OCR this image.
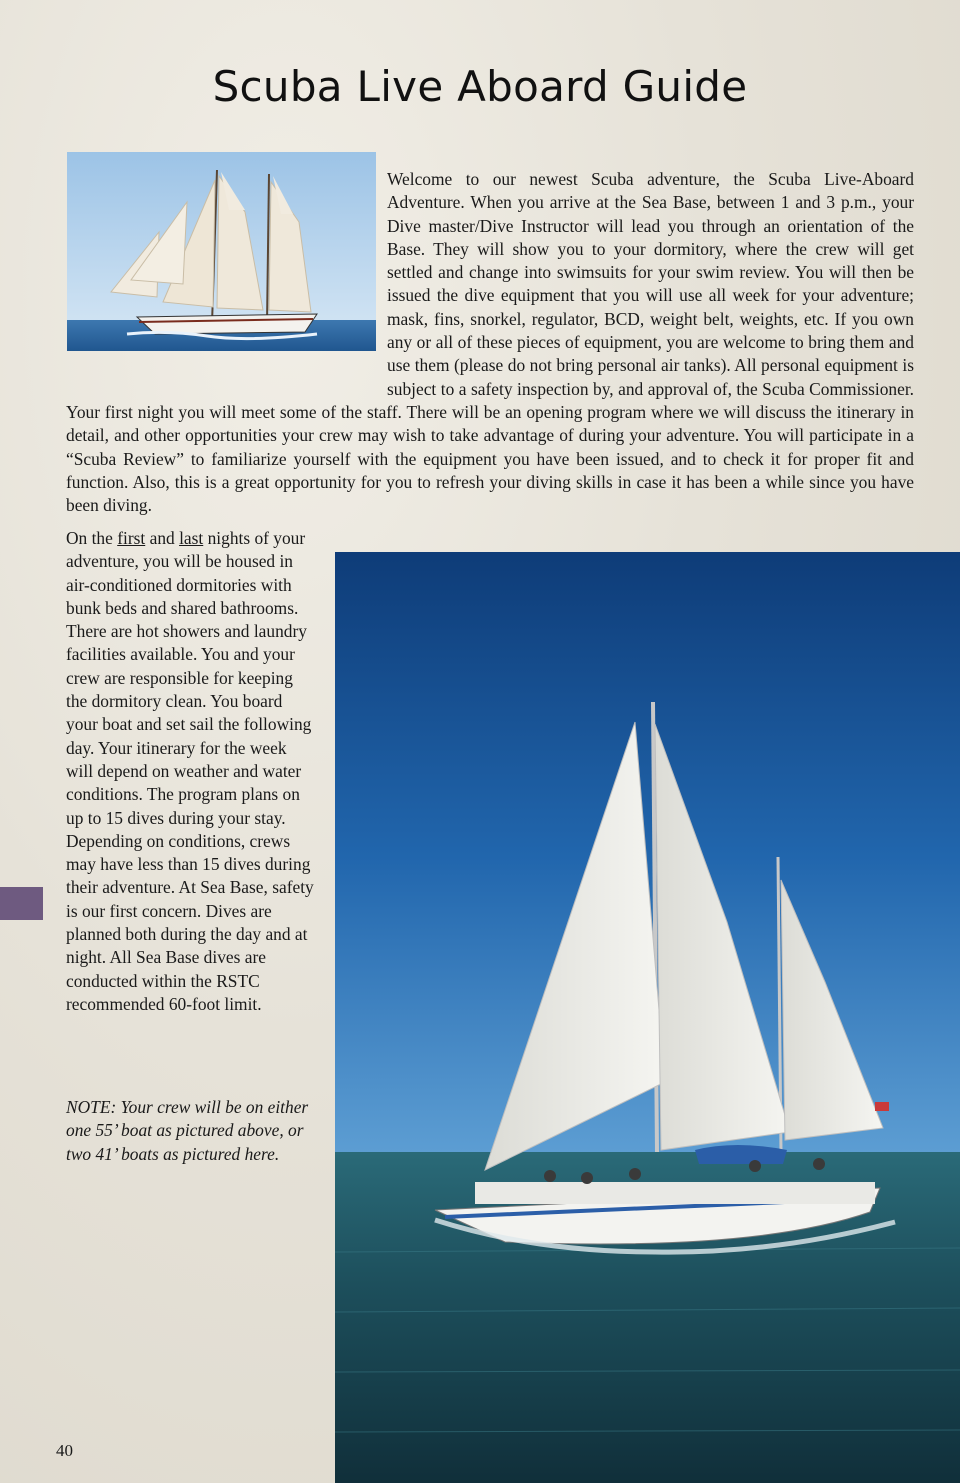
Scuba Live Aboard Guide

Welcome to our newest Scuba adventure, the Scuba Live-Aboard Adventure. When you arrive at the Sea Base, between 1 and 3 p.m., your Dive master/Dive Instructor will lead you through an orientation of the Base. They will show you to your dormitory, where the crew will get settled and change into swimsuits for your swim review. You will then be issued the dive equipment that you will use all week for your adventure; mask, fins, snorkel, regulator, BCD, weight belt, weights, etc. If you own any or all of these pieces of equipment, you are welcome to bring them and use them (please do not bring personal air tanks). All personal equipment is subject to a safety inspection by, and approval of, the Scuba Commissioner. Your first night you will meet some of the staff. There will be an opening program where we will discuss the itinerary in detail, and other opportunities your crew may wish to take advantage of during your adventure. You will participate in a “Scuba Review” to familiarize yourself with the equipment you have been issued, and to check it for proper fit and function. Also, this is a great opportunity for you to refresh your diving skills in case it has been a while since you have been diving.

On the first and last nights of your adventure, you will be housed in air-conditioned dormitories with bunk beds and shared bathrooms. There are hot showers and laundry facilities available. You and your crew are responsible for keeping the dormitory clean. You board your boat and set sail the following day. Your itinerary for the week will depend on weather and water conditions. The program plans on up to 15 dives during your stay. Depending on conditions, crews may have less than 15 dives during their adventure. At Sea Base, safety is our first concern. Dives are planned both during the day and at night. All Sea Base dives are conducted within the RSTC recommended 60-foot limit.

NOTE: Your crew will be on either one 55’ boat as pictured above, or two 41’ boats as pictured here.

40
